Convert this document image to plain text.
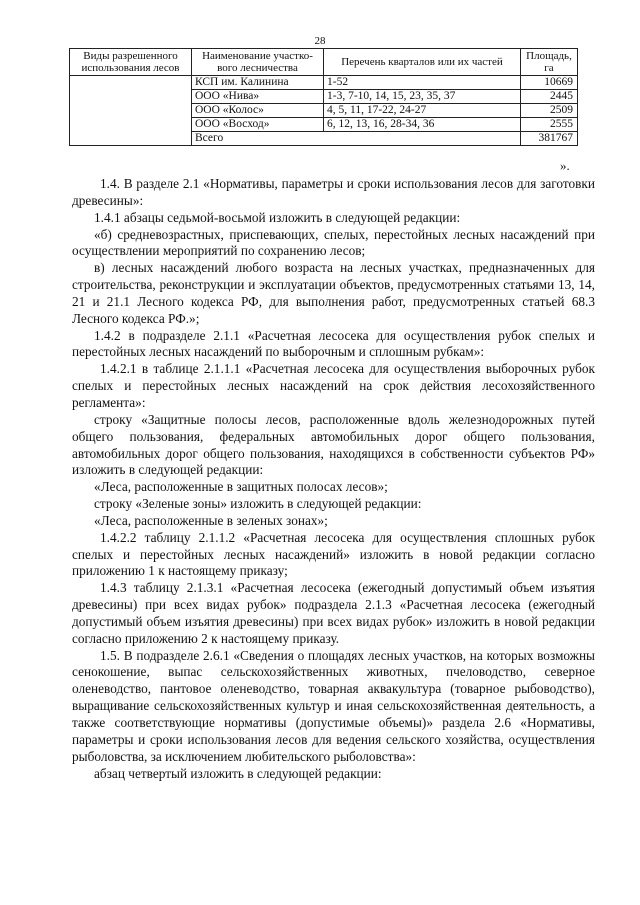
28
Виды разрешенного использования лесов	Наименование участко-вого лесничества	Перечень кварталов или их частей	Площадь, га
	КСП им. Калинина	1-52	10669
	ООО «Нива»	1-3, 7-10, 14, 15, 23, 35, 37	2445
	ООО «Колос»	4, 5, 11, 17-22, 24-27	2509
	ООО «Восход»	6, 12, 13, 16, 28-34, 36	2555
	Всего		381767
».

1.4. В разделе 2.1 «Нормативы, параметры и сроки использования лесов для заготовки древесины»:

1.4.1 абзацы седьмой-восьмой изложить в следующей редакции:

«б) средневозрастных, приспевающих, спелых, перестойных лесных насаждений при осуществлении мероприятий по сохранению лесов;

в) лесных насаждений любого возраста на лесных участках, предназначенных для строительства, реконструкции и эксплуатации объектов, предусмотренных статьями 13, 14, 21 и 21.1 Лесного кодекса РФ, для выполнения работ, предусмотренных статьей 68.3 Лесного кодекса РФ.»;

1.4.2 в подразделе 2.1.1 «Расчетная лесосека для осуществления рубок спелых и перестойных лесных насаждений по выборочным и сплошным рубкам»:

1.4.2.1 в таблице 2.1.1.1 «Расчетная лесосека для осуществления выборочных рубок спелых и перестойных лесных насаждений на срок действия лесохозяйственного регламента»:

строку «Защитные полосы лесов, расположенные вдоль железнодорожных путей общего пользования, федеральных автомобильных дорог общего пользования, автомобильных дорог общего пользования, находящихся в собственности субъектов РФ» изложить в следующей редакции:

«Леса, расположенные в защитных полосах лесов»;

строку «Зеленые зоны» изложить в следующей редакции:

«Леса, расположенные в зеленых зонах»;

1.4.2.2 таблицу 2.1.1.2 «Расчетная лесосека для осуществления сплошных рубок спелых и перестойных лесных насаждений» изложить в новой редакции согласно приложению 1 к настоящему приказу;

1.4.3 таблицу 2.1.3.1 «Расчетная лесосека (ежегодный допустимый объем изъятия древесины) при всех видах рубок» подраздела 2.1.3 «Расчетная лесосека (ежегодный допустимый объем изъятия древесины) при всех видах рубок» изложить в новой редакции согласно приложению 2 к настоящему приказу.

1.5. В подразделе 2.6.1 «Сведения о площадях лесных участков, на которых возможны сенокошение, выпас сельскохозяйственных животных, пчеловодство, северное оленеводство, пантовое оленеводство, товарная аквакультура (товарное рыбоводство), выращивание сельскохозяйственных культур и иная сельскохозяйственная деятельность, а также соответствующие нормативы (допустимые объемы)» раздела 2.6 «Нормативы, параметры и сроки использования лесов для ведения сельского хозяйства, осуществления рыболовства, за исключением любительского рыболовства»:

абзац четвертый изложить в следующей редакции:
